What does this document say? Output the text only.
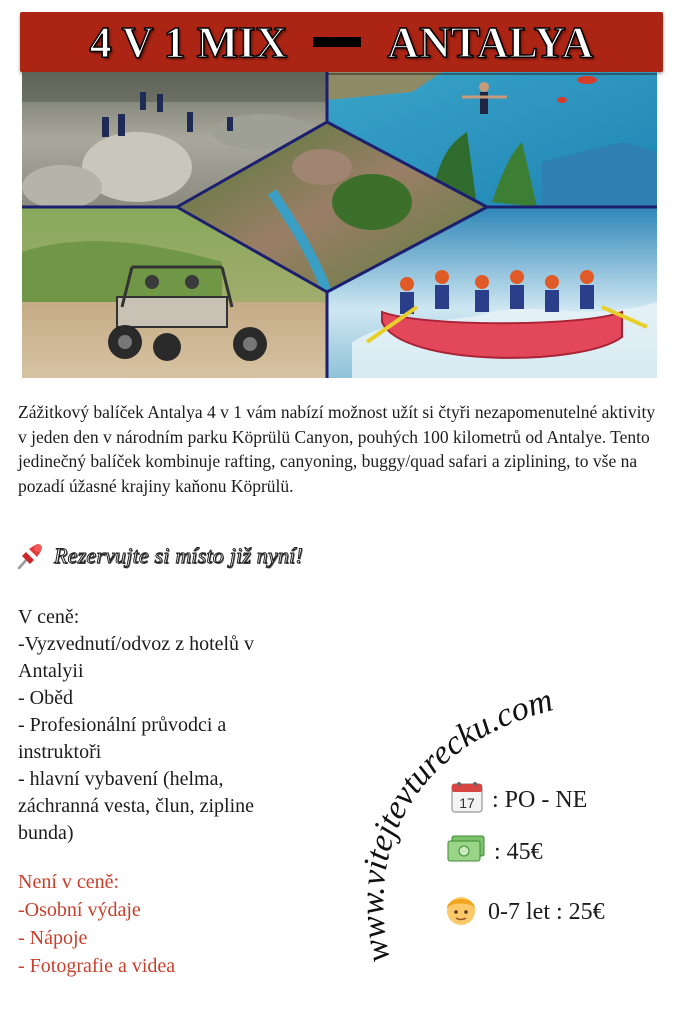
4 V 1 MIX ANTALYA

Zážitkový balíček Antalya 4 v 1 vám nabízí možnost užít si čtyři nezapomenutelné aktivity v jeden den v národním parku Köprülü Canyon, pouhých 100 kilometrů od Antalye. Tento jedinečný balíček kombinuje rafting, canyoning, buggy/quad safari a ziplining, to vše na pozadí úžasné krajiny kaňonu Köprülü.

Rezervujte si místo již nyní!
V ceně:
-Vyzvednutí/odvoz z hotelů v
Antalyii
- Oběd
- Profesionální průvodci a
instruktoři
- hlavní vybavení (helma,
záchranná vesta, člun, zipline
bunda)
Není v ceně:
-Osobní výdaje
- Nápoje
- Fotografie a videa
www.vitejtevturecku.com
17 : PO - NE
: 45€
0-7 let : 25€
